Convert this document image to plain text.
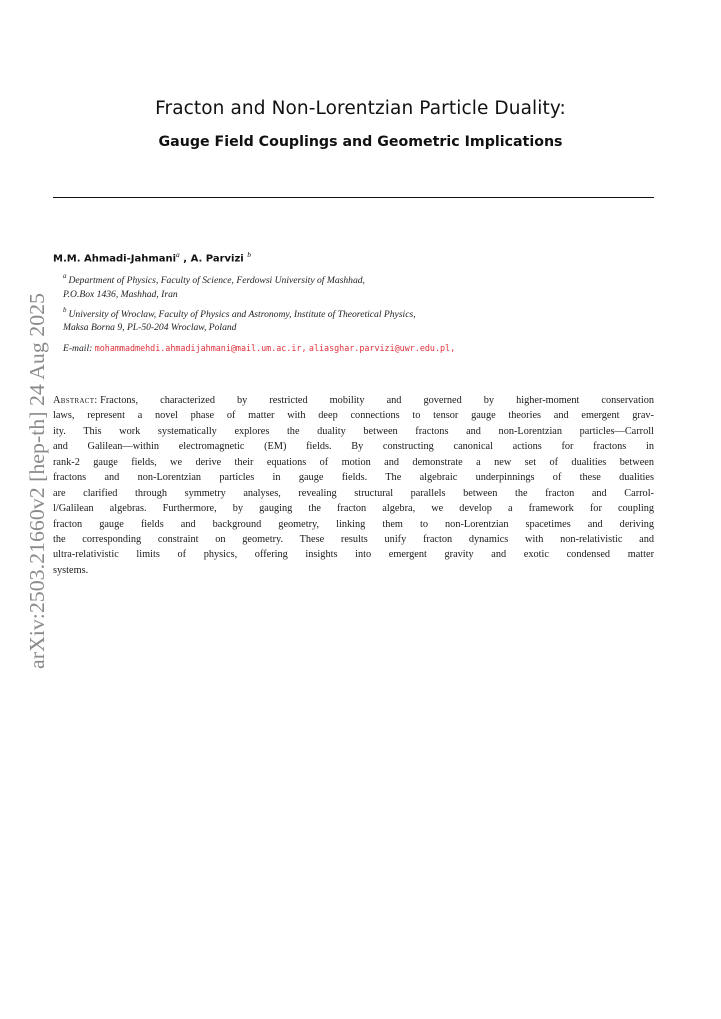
arXiv:2503.21660v2 [hep-th] 24 Aug 2025
Fracton and Non-Lorentzian Particle Duality:
Gauge Field Couplings and Geometric Implications
M.M. Ahmadi-Jahmani$^a$ , A. Parvizi $^b$
$^a$ Department of Physics, Faculty of Science, Ferdowsi University of Mashhad,
P.O.Box 1436, Mashhad, Iran
$^b$ University of Wroclaw, Faculty of Physics and Astronomy, Institute of Theoretical Physics,
Maksa Borna 9, PL-50-204 Wroclaw, Poland
E-mail: mohammadmehdi.ahmadijahmani@mail.um.ac.ir, aliasghar.parvizi@uwr.edu.pl,
Abstract:
Fractons, characterized by restricted mobility and governed by higher-moment conservation
laws, represent a novel phase of matter with deep connections to tensor gauge theories and emergent grav-
ity. This work systematically explores the duality between fractons and non-Lorentzian particles—Carroll
and Galilean—within electromagnetic (EM) fields. By constructing canonical actions for fractons in
rank-2 gauge fields, we derive their equations of motion and demonstrate a new set of dualities between
fractons and non-Lorentzian particles in gauge fields. The algebraic underpinnings of these dualities
are clarified through symmetry analyses, revealing structural parallels between the fracton and Carrol-
l/Galilean algebras. Furthermore, by gauging the fracton algebra, we develop a framework for coupling
fracton gauge fields and background geometry, linking them to non-Lorentzian spacetimes and deriving
the corresponding constraint on geometry. These results unify fracton dynamics with non-relativistic and
ultra-relativistic limits of physics, offering insights into emergent gravity and exotic condensed matter
systems.
